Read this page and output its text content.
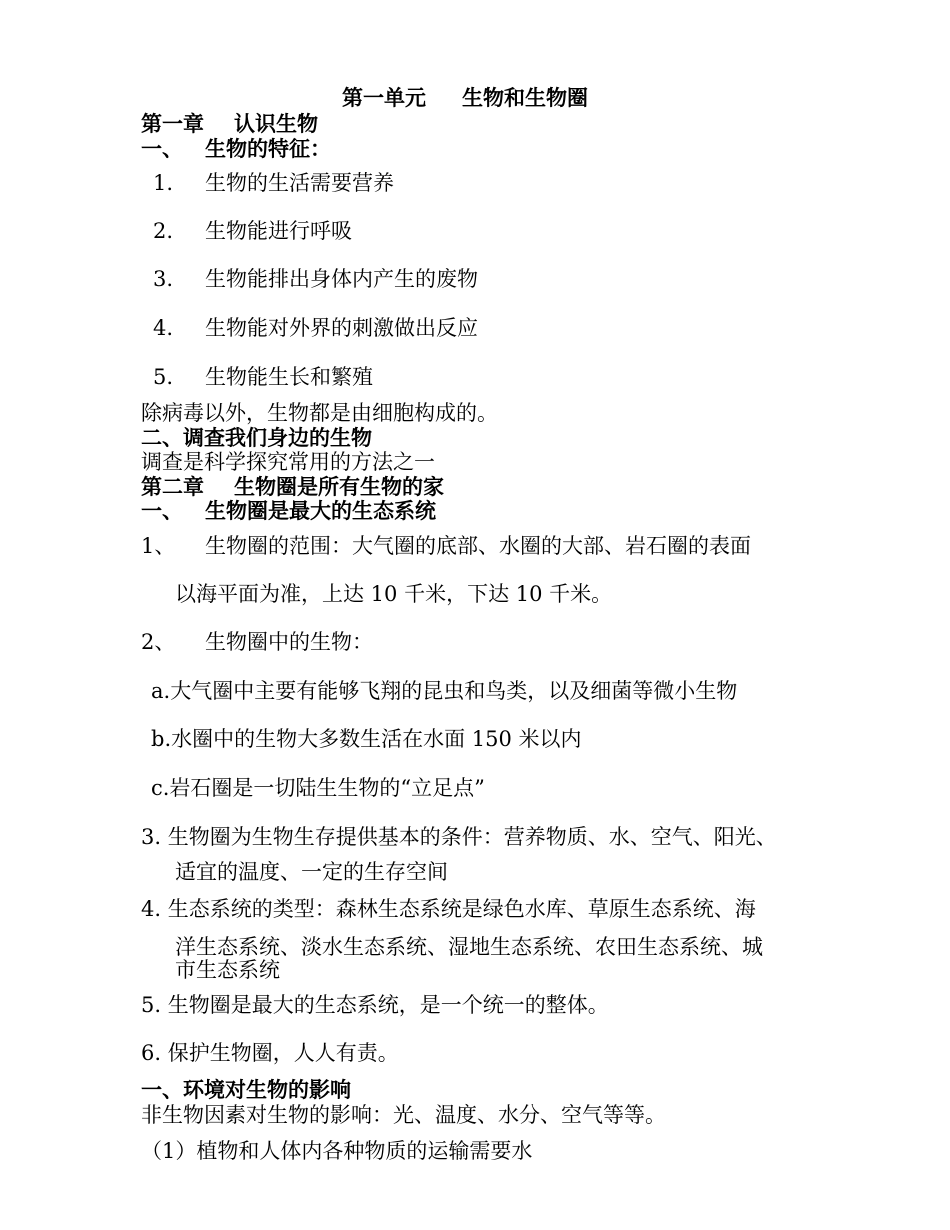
第一单元 生物和生物圈
第一章 认识生物
一、 生物的特征：
1. 生物的生活需要营养
2. 生物能进行呼吸
3. 生物能排出身体内产生的废物
4. 生物能对外界的刺激做出反应
5. 生物能生长和繁殖
除病毒以外，生物都是由细胞构成的。
二、调查我们身边的生物
调查是科学探究常用的方法之一
第二章 生物圈是所有生物的家
一、 生物圈是最大的生态系统
1、 生物圈的范围：大气圈的底部、水圈的大部、岩石圈的表面
以海平面为准，上达 10 千米，下达 10 千米。
2、 生物圈中的生物：
a.大气圈中主要有能够飞翔的昆虫和鸟类，以及细菌等微小生物
b.水圈中的生物大多数生活在水面 150 米以内
c.岩石圈是一切陆生生物的“立足点”
3. 生物圈为生物生存提供基本的条件：营养物质、水、空气、阳光、
适宜的温度、一定的生存空间
4. 生态系统的类型：森林生态系统是绿色水库、草原生态系统、海
洋生态系统、淡水生态系统、湿地生态系统、农田生态系统、城
市生态系统
5. 生物圈是最大的生态系统，是一个统一的整体。
6. 保护生物圈，人人有责。
一、环境对生物的影响
非生物因素对生物的影响：光、温度、水分、空气等等。
（1）植物和人体内各种物质的运输需要水
